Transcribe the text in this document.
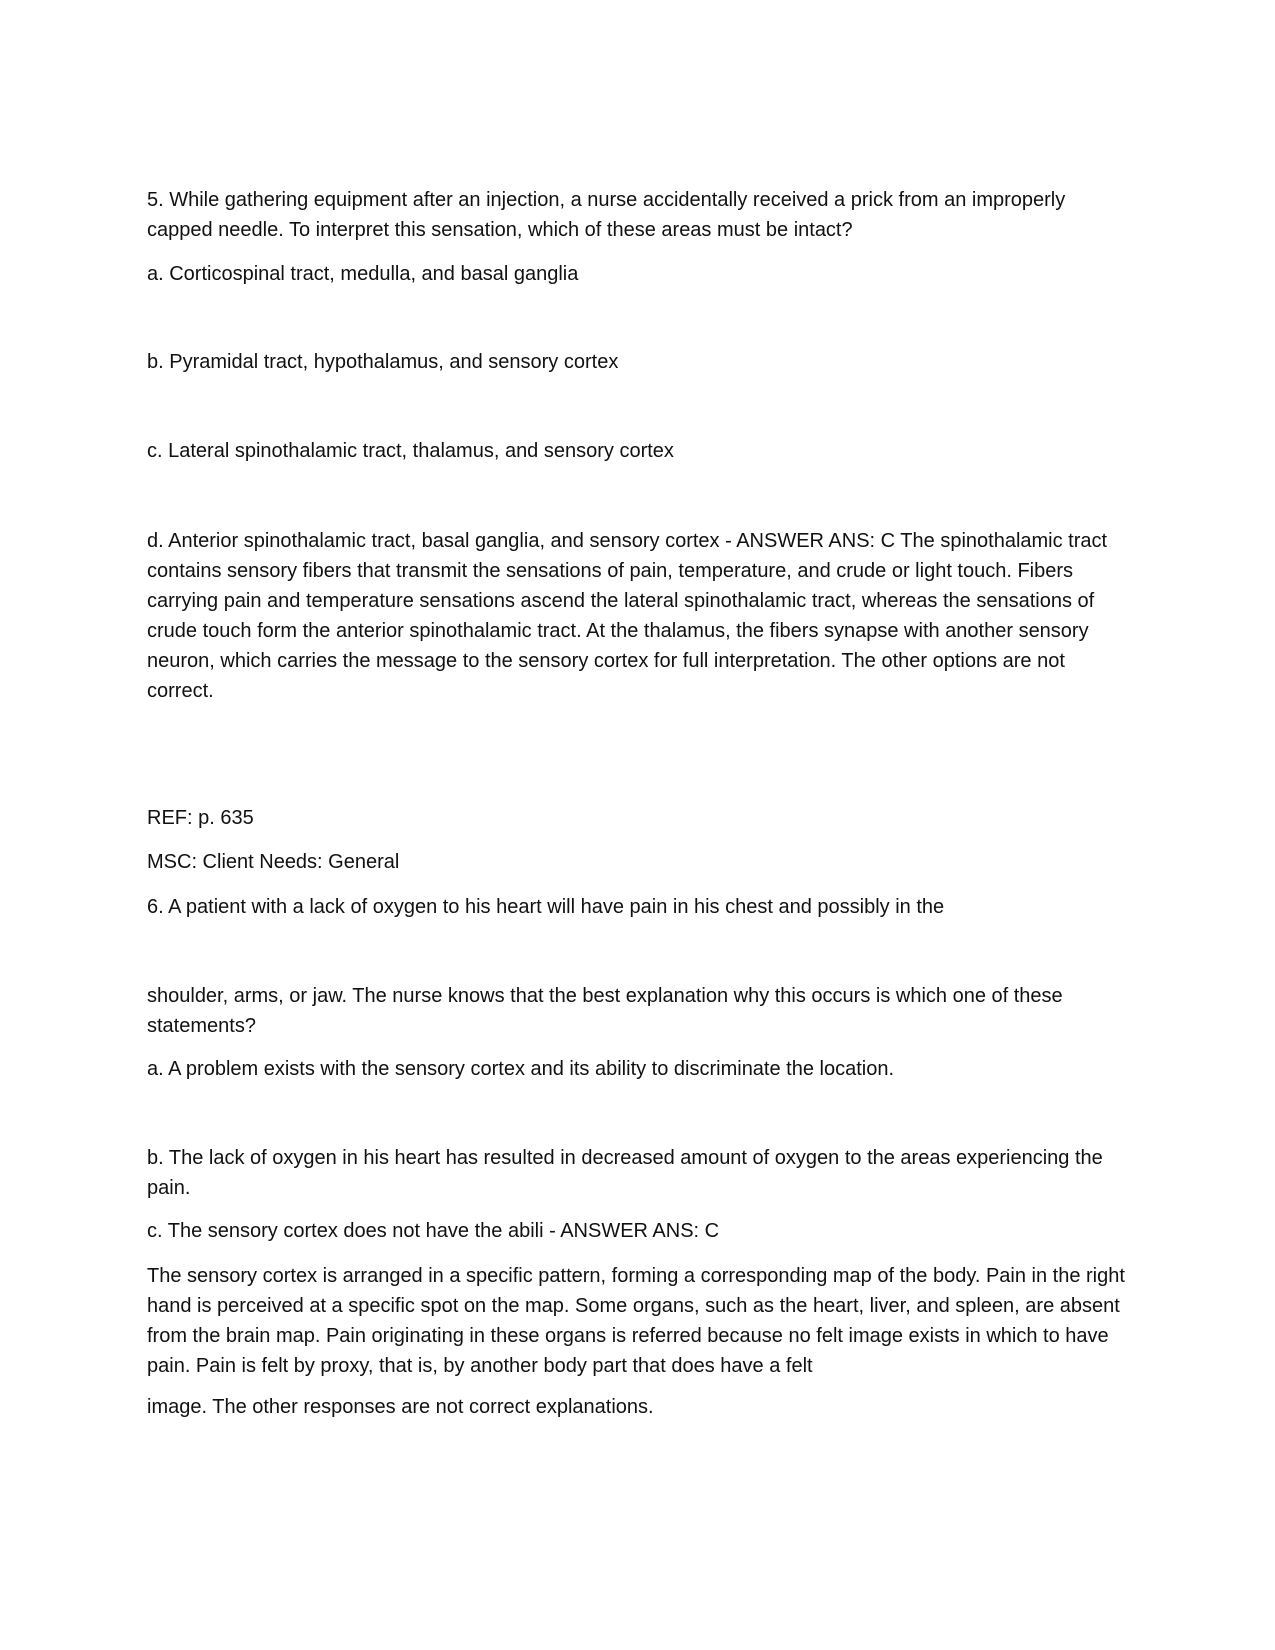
5. While gathering equipment after an injection, a nurse accidentally received a prick from an improperly capped needle. To interpret this sensation, which of these areas must be intact?

a. Corticospinal tract, medulla, and basal ganglia

b. Pyramidal tract, hypothalamus, and sensory cortex

c. Lateral spinothalamic tract, thalamus, and sensory cortex

d. Anterior spinothalamic tract, basal ganglia, and sensory cortex - ANSWER ANS: C The spinothalamic tract contains sensory fibers that transmit the sensations of pain, temperature, and crude or light touch. Fibers carrying pain and temperature sensations ascend the lateral spinothalamic tract, whereas the sensations of crude touch form the anterior spinothalamic tract. At the thalamus, the fibers synapse with another sensory neuron, which carries the message to the sensory cortex for full interpretation. The other options are not correct.

REF: p. 635

MSC: Client Needs: General

6. A patient with a lack of oxygen to his heart will have pain in his chest and possibly in the

shoulder, arms, or jaw. The nurse knows that the best explanation why this occurs is which one of these statements?

a. A problem exists with the sensory cortex and its ability to discriminate the location.

b. The lack of oxygen in his heart has resulted in decreased amount of oxygen to the areas experiencing the pain.

c. The sensory cortex does not have the abili - ANSWER ANS: C

The sensory cortex is arranged in a specific pattern, forming a corresponding map of the body. Pain in the right hand is perceived at a specific spot on the map. Some organs, such as the heart, liver, and spleen, are absent from the brain map. Pain originating in these organs is referred because no felt image exists in which to have pain. Pain is felt by proxy, that is, by another body part that does have a felt

image. The other responses are not correct explanations.
